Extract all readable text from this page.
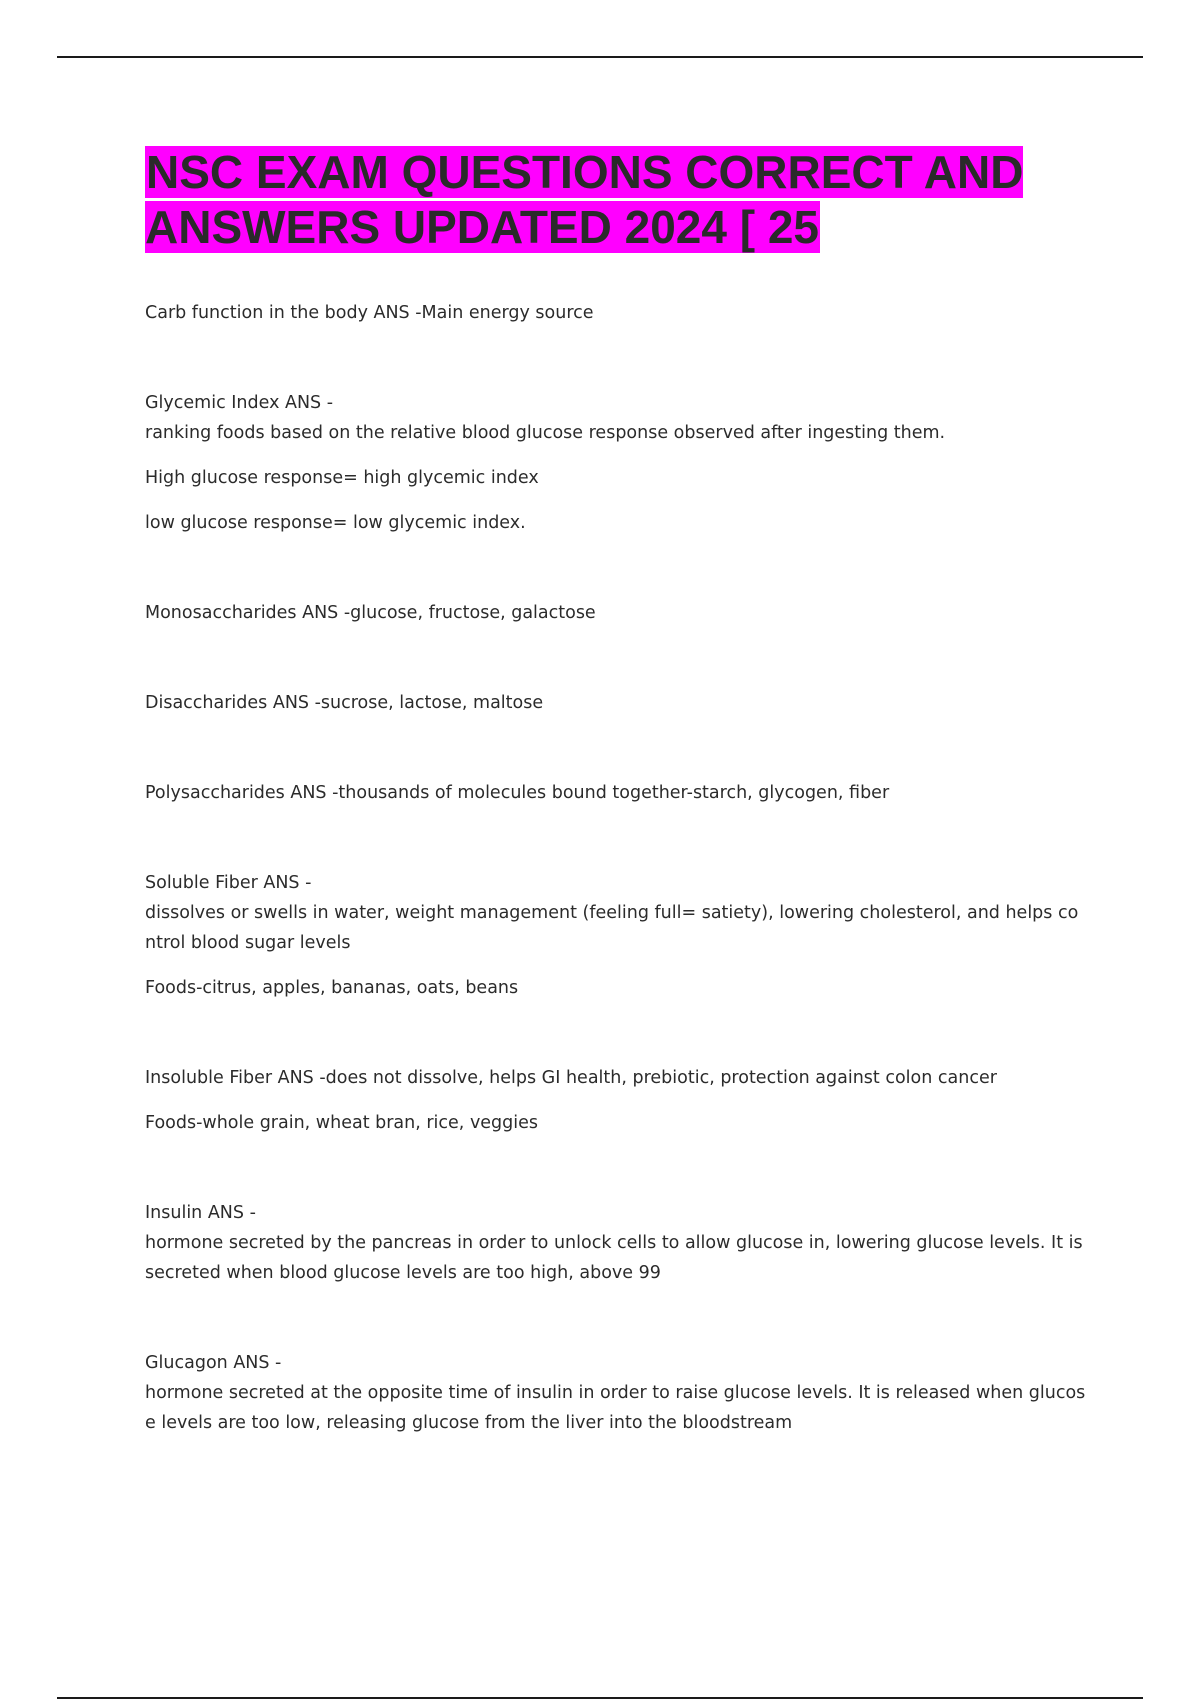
NSC EXAM QUESTIONS CORRECT AND ANSWERS UPDATED 2024 [ 25

Carb function in the body ANS -Main energy source

Glycemic Index ANS -

ranking foods based on the relative blood glucose response observed after ingesting them.

High glucose response= high glycemic index

low glucose response= low glycemic index.

Monosaccharides ANS -glucose, fructose, galactose

Disaccharides ANS -sucrose, lactose, maltose

Polysaccharides ANS -thousands of molecules bound together-starch, glycogen, fiber

Soluble Fiber ANS -

dissolves or swells in water, weight management (feeling full= satiety), lowering cholesterol, and helps co

ntrol blood sugar levels

Foods-citrus, apples, bananas, oats, beans

Insoluble Fiber ANS -does not dissolve, helps GI health, prebiotic, protection against colon cancer

Foods-whole grain, wheat bran, rice, veggies

Insulin ANS -

hormone secreted by the pancreas in order to unlock cells to allow glucose in, lowering glucose levels. It is

secreted when blood glucose levels are too high, above 99

Glucagon ANS -

hormone secreted at the opposite time of insulin in order to raise glucose levels. It is released when glucos

e levels are too low, releasing glucose from the liver into the bloodstream
